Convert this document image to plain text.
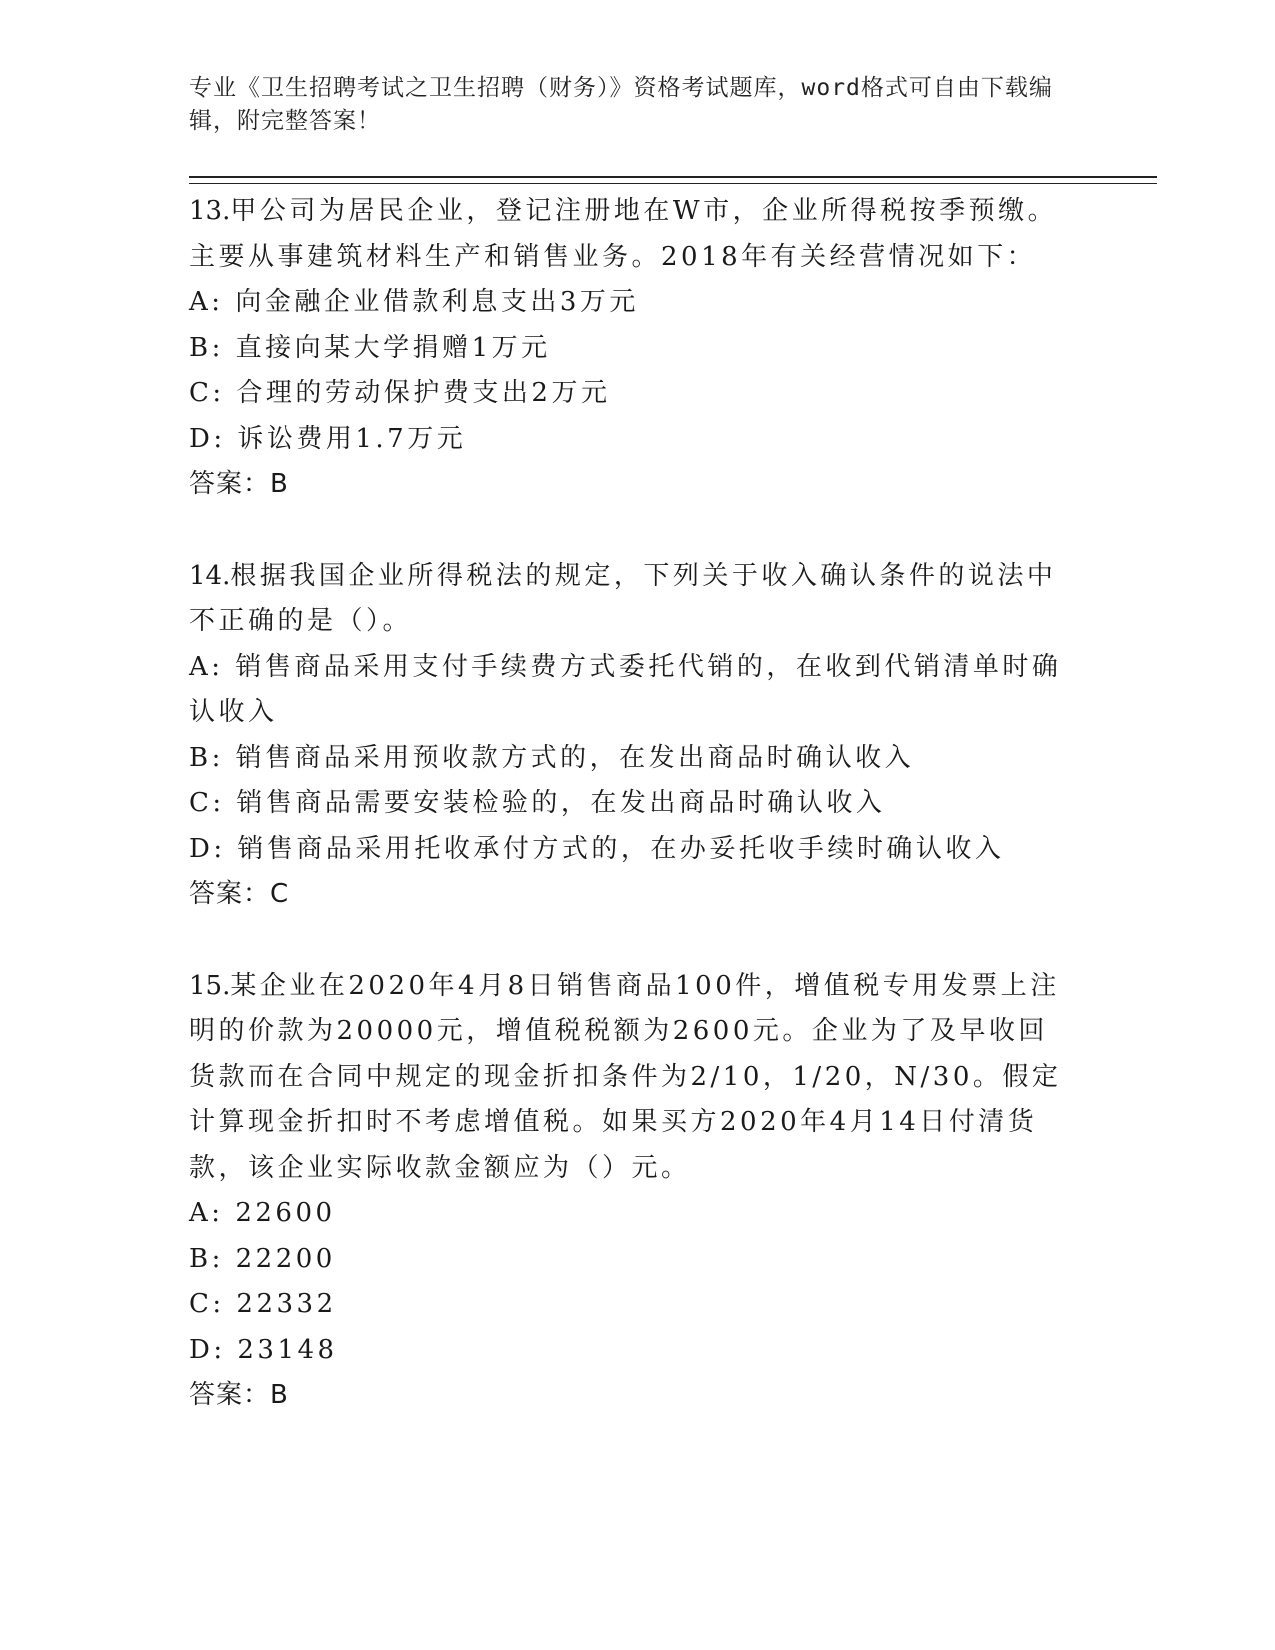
专业《卫生招聘考试之卫生招聘（财务）》资格考试题库，word格式可自由下载编辑，附完整答案！
13.甲公司为居民企业，登记注册地在W市，企业所得税按季预缴。主要从事建筑材料生产和销售业务。2018年有关经营情况如下：
A: 向金融企业借款利息支出3万元
B: 直接向某大学捐赠1万元
C: 合理的劳动保护费支出2万元
D: 诉讼费用1.7万元
答案：B
14.根据我国企业所得税法的规定，下列关于收入确认条件的说法中不正确的是（）。
A: 销售商品采用支付手续费方式委托代销的，在收到代销清单时确认收入
B: 销售商品采用预收款方式的，在发出商品时确认收入
C: 销售商品需要安装检验的，在发出商品时确认收入
D: 销售商品采用托收承付方式的，在办妥托收手续时确认收入
答案：C
15.某企业在2020年4月8日销售商品100件，增值税专用发票上注明的价款为20000元，增值税税额为2600元。企业为了及早收回货款而在合同中规定的现金折扣条件为2/10，1/20，N/30。假定计算现金折扣时不考虑增值税。如果买方2020年4月14日付清货款，该企业实际收款金额应为（）元。
A: 22600
B: 22200
C: 22332
D: 23148
答案：B
